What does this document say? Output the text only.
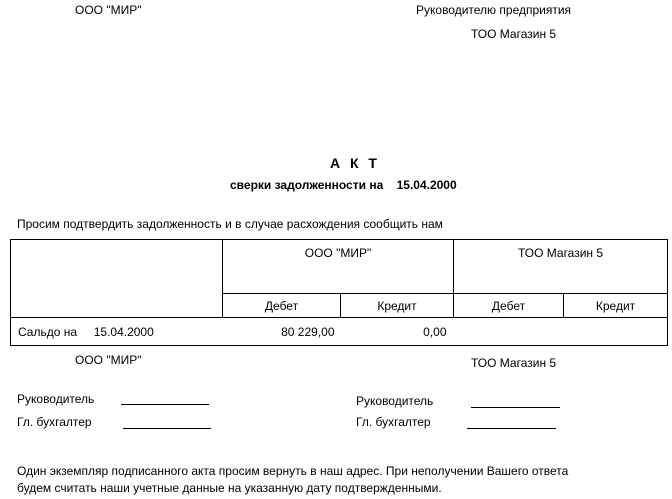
ООО "МИР"	Руководителю предприятия
ТОО Магазин 5
А К Т
сверки задолженности на 15.04.2000
Просим подтвердить задолженность и в случае расхождения сообщить нам
	ООО "МИР"		ТОО Магазин 5	
	Дебет	Кредит	Дебет	Кредит
Сальдо на 15.04.2000	80 229,00	0,00		
ООО "МИР"	ТОО Магазин 5
Руководитель
Гл. бухгалтер
Руководитель
Гл. бухгалтер
Один экземпляр подписанного акта просим вернуть в наш адрес. При неполучении Вашего ответа
будем считать наши учетные данные на указанную дату подтвержденными.
